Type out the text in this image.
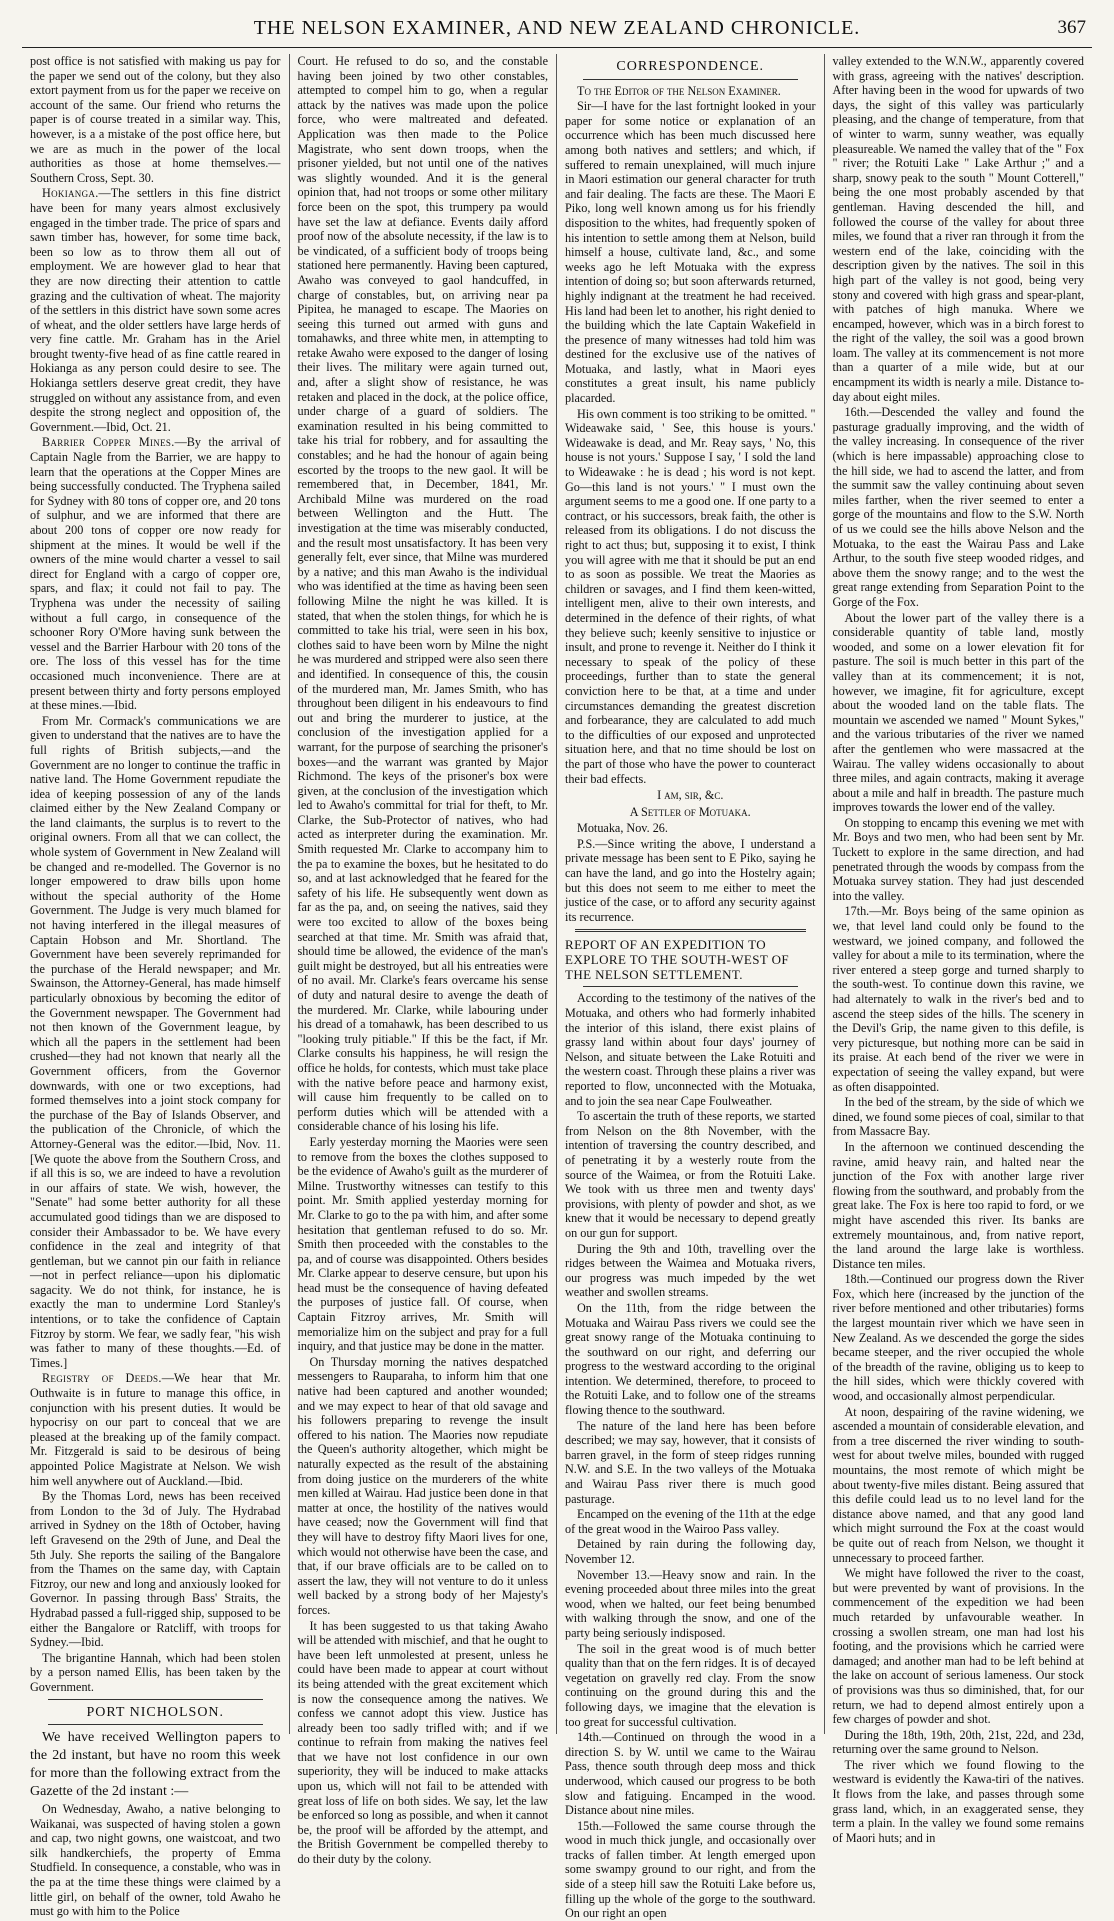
THE NELSON EXAMINER, AND NEW ZEALAND CHRONICLE.	367

post office is not satisfied with making us pay for the paper we send out of the colony, but they also extort payment from us for the paper we receive on account of the same. Our friend who returns the paper is of course treated in a similar way. This, however, is a a mistake of the post office here, but we are as much in the power of the local authorities as those at home themselves.—Southern Cross, Sept. 30.

Hokianga.—The settlers in this fine district have been for many years almost exclusively engaged in the timber trade. The price of spars and sawn timber has, however, for some time back, been so low as to throw them all out of employment. We are however glad to hear that they are now directing their attention to cattle grazing and the cultivation of wheat. The majority of the settlers in this district have sown some acres of wheat, and the older settlers have large herds of very fine cattle. Mr. Graham has in the Ariel brought twenty-five head of as fine cattle reared in Hokianga as any person could desire to see. The Hokianga settlers deserve great credit, they have struggled on without any assistance from, and even despite the strong neglect and opposition of, the Government.—Ibid, Oct. 21.

Barrier Copper Mines.—By the arrival of Captain Nagle from the Barrier, we are happy to learn that the operations at the Copper Mines are being successfully conducted. The Tryphena sailed for Sydney with 80 tons of copper ore, and 20 tons of sulphur, and we are informed that there are about 200 tons of copper ore now ready for shipment at the mines. It would be well if the owners of the mine would charter a vessel to sail direct for England with a cargo of copper ore, spars, and flax; it could not fail to pay. The Tryphena was under the necessity of sailing without a full cargo, in consequence of the schooner Rory O'More having sunk between the vessel and the Barrier Harbour with 20 tons of the ore. The loss of this vessel has for the time occasioned much inconvenience. There are at present between thirty and forty persons employed at these mines.—Ibid.

From Mr. Cormack's communications we are given to understand that the natives are to have the full rights of British subjects,—and the Government are no longer to continue the traffic in native land. The Home Government repudiate the idea of keeping possession of any of the lands claimed either by the New Zealand Company or the land claimants, the surplus is to revert to the original owners. From all that we can collect, the whole system of Government in New Zealand will be changed and re-modelled. The Governor is no longer empowered to draw bills upon home without the special authority of the Home Government. The Judge is very much blamed for not having interfered in the illegal measures of Captain Hobson and Mr. Shortland. The Government have been severely reprimanded for the purchase of the Herald newspaper; and Mr. Swainson, the Attorney-General, has made himself particularly obnoxious by becoming the editor of the Government newspaper. The Government had not then known of the Government league, by which all the papers in the settlement had been crushed—they had not known that nearly all the Government officers, from the Governor downwards, with one or two exceptions, had formed themselves into a joint stock company for the purchase of the Bay of Islands Observer, and the publication of the Chronicle, of which the Attorney-General was the editor.—Ibid, Nov. 11. [We quote the above from the Southern Cross, and if all this is so, we are indeed to have a revolution in our affairs of state. We wish, however, the "Senate" had some better authority for all these accumulated good tidings than we are disposed to consider their Ambassador to be. We have every confidence in the zeal and integrity of that gentleman, but we cannot pin our faith in reliance—not in perfect reliance—upon his diplomatic sagacity. We do not think, for instance, he is exactly the man to undermine Lord Stanley's intentions, or to take the confidence of Captain Fitzroy by storm. We fear, we sadly fear, "his wish was father to many of these thoughts.—Ed. of Times.]

Registry of Deeds.—We hear that Mr. Outhwaite is in future to manage this office, in conjunction with his present duties. It would be hypocrisy on our part to conceal that we are pleased at the breaking up of the family compact. Mr. Fitzgerald is said to be desirous of being appointed Police Magistrate at Nelson. We wish him well anywhere out of Auckland.—Ibid.

By the Thomas Lord, news has been received from London to the 3d of July. The Hydrabad arrived in Sydney on the 18th of October, having left Gravesend on the 29th of June, and Deal the 5th July. She reports the sailing of the Bangalore from the Thames on the same day, with Captain Fitzroy, our new and long and anxiously looked for Governor. In passing through Bass' Straits, the Hydrabad passed a full-rigged ship, supposed to be either the Bangalore or Ratcliff, with troops for Sydney.—Ibid.

The brigantine Hannah, which had been stolen by a person named Ellis, has been taken by the Government.

PORT NICHOLSON.

We have received Wellington papers to the 2d instant, but have no room this week for more than the following extract from the Gazette of the 2d instant :—

On Wednesday, Awaho, a native belonging to Waikanai, was suspected of having stolen a gown and cap, two night gowns, one waistcoat, and two silk handkerchiefs, the property of Emma Studfield. In consequence, a constable, who was in the pa at the time these things were claimed by a little girl, on behalf of the owner, told Awaho he must go with him to the Police

Court. He refused to do so, and the constable having been joined by two other constables, attempted to compel him to go, when a regular attack by the natives was made upon the police force, who were maltreated and defeated. Application was then made to the Police Magistrate, who sent down troops, when the prisoner yielded, but not until one of the natives was slightly wounded. And it is the general opinion that, had not troops or some other military force been on the spot, this trumpery pa would have set the law at defiance. Events daily afford proof now of the absolute necessity, if the law is to be vindicated, of a sufficient body of troops being stationed here permanently. Having been captured, Awaho was conveyed to gaol handcuffed, in charge of constables, but, on arriving near pa Pipitea, he managed to escape. The Maories on seeing this turned out armed with guns and tomahawks, and three white men, in attempting to retake Awaho were exposed to the danger of losing their lives. The military were again turned out, and, after a slight show of resistance, he was retaken and placed in the dock, at the police office, under charge of a guard of soldiers. The examination resulted in his being committed to take his trial for robbery, and for assaulting the constables; and he had the honour of again being escorted by the troops to the new gaol. It will be remembered that, in December, 1841, Mr. Archibald Milne was murdered on the road between Wellington and the Hutt. The investigation at the time was miserably conducted, and the result most unsatisfactory. It has been very generally felt, ever since, that Milne was murdered by a native; and this man Awaho is the individual who was identified at the time as having been seen following Milne the night he was killed. It is stated, that when the stolen things, for which he is committed to take his trial, were seen in his box, clothes said to have been worn by Milne the night he was murdered and stripped were also seen there and identified. In consequence of this, the cousin of the murdered man, Mr. James Smith, who has throughout been diligent in his endeavours to find out and bring the murderer to justice, at the conclusion of the investigation applied for a warrant, for the purpose of searching the prisoner's boxes—and the warrant was granted by Major Richmond. The keys of the prisoner's box were given, at the conclusion of the investigation which led to Awaho's committal for trial for theft, to Mr. Clarke, the Sub-Protector of natives, who had acted as interpreter during the examination. Mr. Smith requested Mr. Clarke to accompany him to the pa to examine the boxes, but he hesitated to do so, and at last acknowledged that he feared for the safety of his life. He subsequently went down as far as the pa, and, on seeing the natives, said they were too excited to allow of the boxes being searched at that time. Mr. Smith was afraid that, should time be allowed, the evidence of the man's guilt might be destroyed, but all his entreaties were of no avail. Mr. Clarke's fears overcame his sense of duty and natural desire to avenge the death of the murdered. Mr. Clarke, while labouring under his dread of a tomahawk, has been described to us "looking truly pitiable." If this be the fact, if Mr. Clarke consults his happiness, he will resign the office he holds, for contests, which must take place with the native before peace and harmony exist, will cause him frequently to be called on to perform duties which will be attended with a considerable chance of his losing his life.

Early yesterday morning the Maories were seen to remove from the boxes the clothes supposed to be the evidence of Awaho's guilt as the murderer of Milne. Trustworthy witnesses can testify to this point. Mr. Smith applied yesterday morning for Mr. Clarke to go to the pa with him, and after some hesitation that gentleman refused to do so. Mr. Smith then proceeded with the constables to the pa, and of course was disappointed. Others besides Mr. Clarke appear to deserve censure, but upon his head must be the consequence of having defeated the purposes of justice fall. Of course, when Captain Fitzroy arrives, Mr. Smith will memorialize him on the subject and pray for a full inquiry, and that justice may be done in the matter.

On Thursday morning the natives despatched messengers to Rauparaha, to inform him that one native had been captured and another wounded; and we may expect to hear of that old savage and his followers preparing to revenge the insult offered to his nation. The Maories now repudiate the Queen's authority altogether, which might be naturally expected as the result of the abstaining from doing justice on the murderers of the white men killed at Wairau. Had justice been done in that matter at once, the hostility of the natives would have ceased; now the Government will find that they will have to destroy fifty Maori lives for one, which would not otherwise have been the case, and that, if our brave officials are to be called on to assert the law, they will not venture to do it unless well backed by a strong body of her Majesty's forces.

It has been suggested to us that taking Awaho will be attended with mischief, and that he ought to have been left unmolested at present, unless he could have been made to appear at court without its being attended with the great excitement which is now the consequence among the natives. We confess we cannot adopt this view. Justice has already been too sadly trifled with; and if we continue to refrain from making the natives feel that we have not lost confidence in our own superiority, they will be induced to make attacks upon us, which will not fail to be attended with great loss of life on both sides. We say, let the law be enforced so long as possible, and when it cannot be, the proof will be afforded by the attempt, and the British Government be compelled thereby to do their duty by the colony.

CORRESPONDENCE.

To the Editor of the Nelson Examiner.

Sir—I have for the last fortnight looked in your paper for some notice or explanation of an occurrence which has been much discussed here among both natives and settlers; and which, if suffered to remain unexplained, will much injure in Maori estimation our general character for truth and fair dealing. The facts are these. The Maori E Piko, long well known among us for his friendly disposition to the whites, had frequently spoken of his intention to settle among them at Nelson, build himself a house, cultivate land, &c., and some weeks ago he left Motuaka with the express intention of doing so; but soon afterwards returned, highly indignant at the treatment he had received. His land had been let to another, his right denied to the building which the late Captain Wakefield in the presence of many witnesses had told him was destined for the exclusive use of the natives of Motuaka, and lastly, what in Maori eyes constitutes a great insult, his name publicly placarded.

His own comment is too striking to be omitted. " Wideawake said, ' See, this house is yours.' Wideawake is dead, and Mr. Reay says, ' No, this house is not yours.' Suppose I say, ' I sold the land to Wideawake : he is dead ; his word is not kept. Go—this land is not yours.' " I must own the argument seems to me a good one. If one party to a contract, or his successors, break faith, the other is released from its obligations. I do not discuss the right to act thus; but, supposing it to exist, I think you will agree with me that it should be put an end to as soon as possible. We treat the Maories as children or savages, and I find them keen-witted, intelligent men, alive to their own interests, and determined in the defence of their rights, of what they believe such; keenly sensitive to injustice or insult, and prone to revenge it. Neither do I think it necessary to speak of the policy of these proceedings, further than to state the general conviction here to be that, at a time and under circumstances demanding the greatest discretion and forbearance, they are calculated to add much to the difficulties of our exposed and unprotected situation here, and that no time should be lost on the part of those who have the power to counteract their bad effects.

I am, sir, &c.
A Settler of Motuaka.

Motuaka, Nov. 26.

P.S.—Since writing the above, I understand a private message has been sent to E Piko, saying he can have the land, and go into the Hostelry again; but this does not seem to me either to meet the justice of the case, or to afford any security against its recurrence.

REPORT OF AN EXPEDITION TO EXPLORE TO THE SOUTH-WEST OF THE NELSON SETTLEMENT.

According to the testimony of the natives of the Motuaka, and others who had formerly inhabited the interior of this island, there exist plains of grassy land within about four days' journey of Nelson, and situate between the Lake Rotuiti and the western coast. Through these plains a river was reported to flow, unconnected with the Motuaka, and to join the sea near Cape Foulweather.

To ascertain the truth of these reports, we started from Nelson on the 8th November, with the intention of traversing the country described, and of penetrating it by a westerly route from the source of the Waimea, or from the Rotuiti Lake. We took with us three men and twenty days' provisions, with plenty of powder and shot, as we knew that it would be necessary to depend greatly on our gun for support.

During the 9th and 10th, travelling over the ridges between the Waimea and Motuaka rivers, our progress was much impeded by the wet weather and swollen streams.

On the 11th, from the ridge between the Motuaka and Wairau Pass rivers we could see the great snowy range of the Motuaka continuing to the southward on our right, and deferring our progress to the westward according to the original intention. We determined, therefore, to proceed to the Rotuiti Lake, and to follow one of the streams flowing thence to the southward.

The nature of the land here has been before described; we may say, however, that it consists of barren gravel, in the form of steep ridges running N.W. and S.E. In the two valleys of the Motuaka and Wairau Pass river there is much good pasturage.

Encamped on the evening of the 11th at the edge of the great wood in the Wairoo Pass valley.

Detained by rain during the following day, November 12.

November 13.—Heavy snow and rain. In the evening proceeded about three miles into the great wood, when we halted, our feet being benumbed with walking through the snow, and one of the party being seriously indisposed.

The soil in the great wood is of much better quality than that on the fern ridges. It is of decayed vegetation on gravelly red clay. From the snow continuing on the ground during this and the following days, we imagine that the elevation is too great for successful cultivation.

14th.—Continued on through the wood in a direction S. by W. until we came to the Wairau Pass, thence south through deep moss and thick underwood, which caused our progress to be both slow and fatiguing. Encamped in the wood. Distance about nine miles.

15th.—Followed the same course through the wood in much thick jungle, and occasionally over tracks of fallen timber. At length emerged upon some swampy ground to our right, and from the side of a steep hill saw the Rotuiti Lake before us, filling up the whole of the gorge to the southward. On our right an open

valley extended to the W.N.W., apparently covered with grass, agreeing with the natives' description. After having been in the wood for upwards of two days, the sight of this valley was particularly pleasing, and the change of temperature, from that of winter to warm, sunny weather, was equally pleasureable. We named the valley that of the " Fox " river; the Rotuiti Lake " Lake Arthur ;" and a sharp, snowy peak to the south " Mount Cotterell," being the one most probably ascended by that gentleman. Having descended the hill, and followed the course of the valley for about three miles, we found that a river ran through it from the western end of the lake, coinciding with the description given by the natives. The soil in this high part of the valley is not good, being very stony and covered with high grass and spear-plant, with patches of high manuka. Where we encamped, however, which was in a birch forest to the right of the valley, the soil was a good brown loam. The valley at its commencement is not more than a quarter of a mile wide, but at our encampment its width is nearly a mile. Distance to-day about eight miles.

16th.—Descended the valley and found the pasturage gradually improving, and the width of the valley increasing. In consequence of the river (which is here impassable) approaching close to the hill side, we had to ascend the latter, and from the summit saw the valley continuing about seven miles farther, when the river seemed to enter a gorge of the mountains and flow to the S.W. North of us we could see the hills above Nelson and the Motuaka, to the east the Wairau Pass and Lake Arthur, to the south five steep wooded ridges, and above them the snowy range; and to the west the great range extending from Separation Point to the Gorge of the Fox.

About the lower part of the valley there is a considerable quantity of table land, mostly wooded, and some on a lower elevation fit for pasture. The soil is much better in this part of the valley than at its commencement; it is not, however, we imagine, fit for agriculture, except about the wooded land on the table flats. The mountain we ascended we named " Mount Sykes," and the various tributaries of the river we named after the gentlemen who were massacred at the Wairau. The valley widens occasionally to about three miles, and again contracts, making it average about a mile and half in breadth. The pasture much improves towards the lower end of the valley.

On stopping to encamp this evening we met with Mr. Boys and two men, who had been sent by Mr. Tuckett to explore in the same direction, and had penetrated through the woods by compass from the Motuaka survey station. They had just descended into the valley.

17th.—Mr. Boys being of the same opinion as we, that level land could only be found to the westward, we joined company, and followed the valley for about a mile to its termination, where the river entered a steep gorge and turned sharply to the south-west. To continue down this ravine, we had alternately to walk in the river's bed and to ascend the steep sides of the hills. The scenery in the Devil's Grip, the name given to this defile, is very picturesque, but nothing more can be said in its praise. At each bend of the river we were in expectation of seeing the valley expand, but were as often disappointed.

In the bed of the stream, by the side of which we dined, we found some pieces of coal, similar to that from Massacre Bay.

In the afternoon we continued descending the ravine, amid heavy rain, and halted near the junction of the Fox with another large river flowing from the southward, and probably from the great lake. The Fox is here too rapid to ford, or we might have ascended this river. Its banks are extremely mountainous, and, from native report, the land around the large lake is worthless. Distance ten miles.

18th.—Continued our progress down the River Fox, which here (increased by the junction of the river before mentioned and other tributaries) forms the largest mountain river which we have seen in New Zealand. As we descended the gorge the sides became steeper, and the river occupied the whole of the breadth of the ravine, obliging us to keep to the hill sides, which were thickly covered with wood, and occasionally almost perpendicular.

At noon, despairing of the ravine widening, we ascended a mountain of considerable elevation, and from a tree discerned the river winding to south-west for about twelve miles, bounded with rugged mountains, the most remote of which might be about twenty-five miles distant. Being assured that this defile could lead us to no level land for the distance above named, and that any good land which might surround the Fox at the coast would be quite out of reach from Nelson, we thought it unnecessary to proceed farther.

We might have followed the river to the coast, but were prevented by want of provisions. In the commencement of the expedition we had been much retarded by unfavourable weather. In crossing a swollen stream, one man had lost his footing, and the provisions which he carried were damaged; and another man had to be left behind at the lake on account of serious lameness. Our stock of provisions was thus so diminished, that, for our return, we had to depend almost entirely upon a few charges of powder and shot.

During the 18th, 19th, 20th, 21st, 22d, and 23d, returning over the same ground to Nelson.

The river which we found flowing to the westward is evidently the Kawa-tiri of the natives. It flows from the lake, and passes through some grass land, which, in an exaggerated sense, they term a plain. In the valley we found some remains of Maori huts; and in
